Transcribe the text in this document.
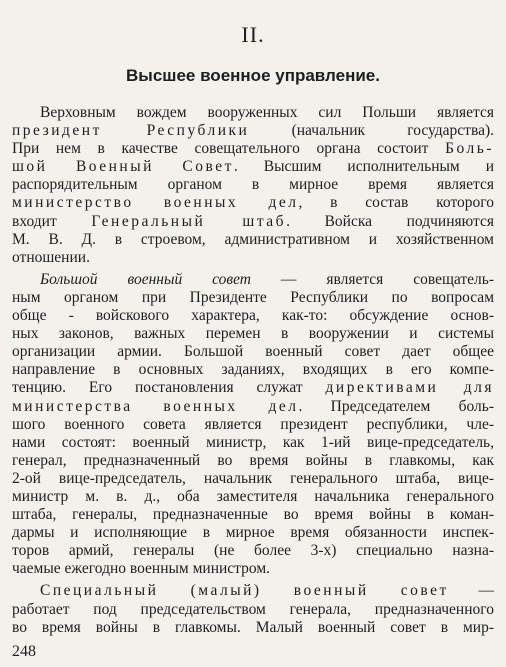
II.
Высшее военное управление.
Верховным вождем вооруженных сил Польши является
президент Республики (начальник государства).
При нем в качестве совещательного органа состоит Боль-
шой Военный Совет. Высшим исполнительным и
распорядительным органом в мирное время является
министерство военных дел, в состав которого
входит Генеральный штаб. Войска подчиняются
М. В. Д. в строевом, административном и хозяйственном
отношении.
Большой военный совет — является совещатель-
ным органом при Президенте Республики по вопросам
обще - войскового характера, как-то: обсуждение основ-
ных законов, важных перемен в вооружении и системы
организации армии. Большой военный совет дает общее
направление в основных заданиях, входящих в его компе-
тенцию. Его постановления служат директивами для
министерства военных дел. Председателем боль-
шого военного совета является президент республики, чле-
нами состоят: военный министр, как 1-ий вице-председатель,
генерал, предназначенный во время войны в главкомы, как
2-ой вице-председатель, начальник генерального штаба, вице-
министр м. в. д., оба заместителя начальника генерального
штаба, генералы, предназначенные во время войны в коман-
дармы и исполняющие в мирное время обязанности инспек-
торов армий, генералы (не более 3-х) специально назна-
чаемые ежегодно военным министром.
Специальный (малый) военный совет —
работает под председательством генерала, предназначенного
во время войны в главкомы. Малый военный совет в мир-
248
